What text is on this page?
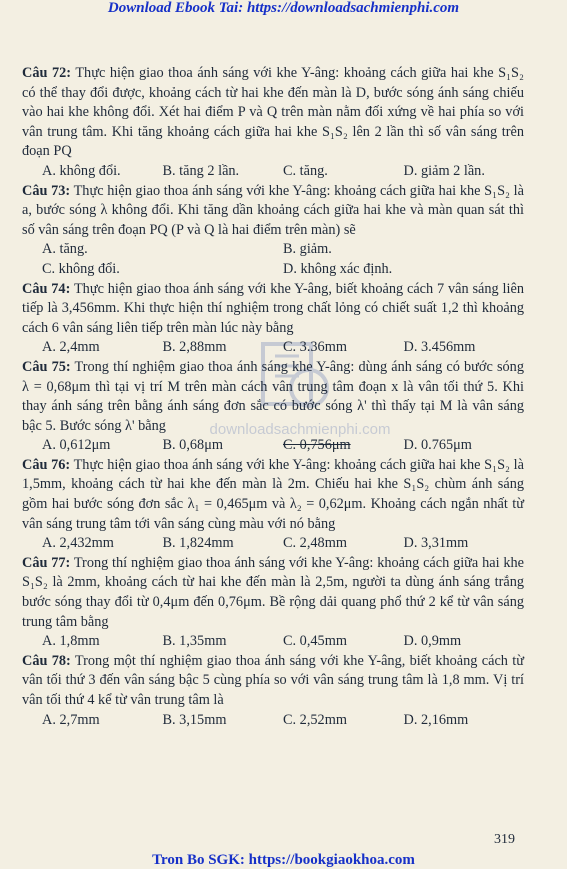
Download Ebook Tai: https://downloadsachmienphi.com
downloadsachmienphi.com
Câu 72: Thực hiện giao thoa ánh sáng với khe Y-âng: khoảng cách giữa hai khe S₁S₂ có thể thay đổi được, khoảng cách từ hai khe đến màn là D, bước sóng ánh sáng chiếu vào hai khe không đổi. Xét hai điểm P và Q trên màn nằm đối xứng về hai phía so với vân trung tâm. Khi tăng khoảng cách giữa hai khe S₁S₂ lên 2 lần thì số vân sáng trên đoạn PQ
A. không đổi.	B. tăng 2 lần.	C. tăng.	D. giảm 2 lần.
Câu 73: Thực hiện giao thoa ánh sáng với khe Y-âng: khoảng cách giữa hai khe S₁S₂ là a, bước sóng λ không đổi. Khi tăng dần khoảng cách giữa hai khe và màn quan sát thì số vân sáng trên đoạn PQ (P và Q là hai điểm trên màn) sẽ
A. tăng.	B. giảm.
C. không đổi.	D. không xác định.
Câu 74: Thực hiện giao thoa ánh sáng với khe Y-âng, biết khoảng cách 7 vân sáng liên tiếp là 3,456mm. Khi thực hiện thí nghiệm trong chất lỏng có chiết suất 1,2 thì khoảng cách 6 vân sáng liên tiếp trên màn lúc này bằng
A. 2,4mm	B. 2,88mm	C. 3.36mm	D. 3.456mm
Câu 75: Trong thí nghiệm giao thoa ánh sáng khe Y-âng: dùng ánh sáng có bước sóng λ = 0,68μm thì tại vị trí M trên màn cách vân trung tâm đoạn x là vân tối thứ 5. Khi thay ánh sáng trên bằng ánh sáng đơn sắc có bước sóng λ' thì thấy tại M là vân sáng bậc 5. Bước sóng λ' bằng
A. 0,612μm	B. 0,68μm	C. 0,756μm	D. 0.765μm
Câu 76: Thực hiện giao thoa ánh sáng với khe Y-âng: khoảng cách giữa hai khe S₁S₂ là 1,5mm, khoảng cách từ hai khe đến màn là 2m. Chiếu hai khe S₁S₂ chùm ánh sáng gồm hai bước sóng đơn sắc λ₁ = 0,465μm và λ₂ = 0,62μm. Khoảng cách ngắn nhất từ vân sáng trung tâm tới vân sáng cùng màu với nó bằng
A. 2,432mm	B. 1,824mm	C. 2,48mm	D. 3,31mm
Câu 77: Trong thí nghiệm giao thoa ánh sáng với khe Y-âng: khoảng cách giữa hai khe S₁S₂ là 2mm, khoảng cách từ hai khe đến màn là 2,5m, người ta dùng ánh sáng trắng bước sóng thay đổi từ 0,4μm đến 0,76μm. Bề rộng dải quang phổ thứ 2 kể từ vân sáng trung tâm bằng
A. 1,8mm	B. 1,35mm	C. 0,45mm	D. 0,9mm
Câu 78: Trong một thí nghiệm giao thoa ánh sáng với khe Y-âng, biết khoảng cách từ vân tối thứ 3 đến vân sáng bậc 5 cùng phía so với vân sáng trung tâm là 1,8 mm. Vị trí vân tối thứ 4 kể từ vân trung tâm là
A. 2,7mm	B. 3,15mm	C. 2,52mm	D. 2,16mm
319
Tron Bo SGK: https://bookgiaokhoa.com
